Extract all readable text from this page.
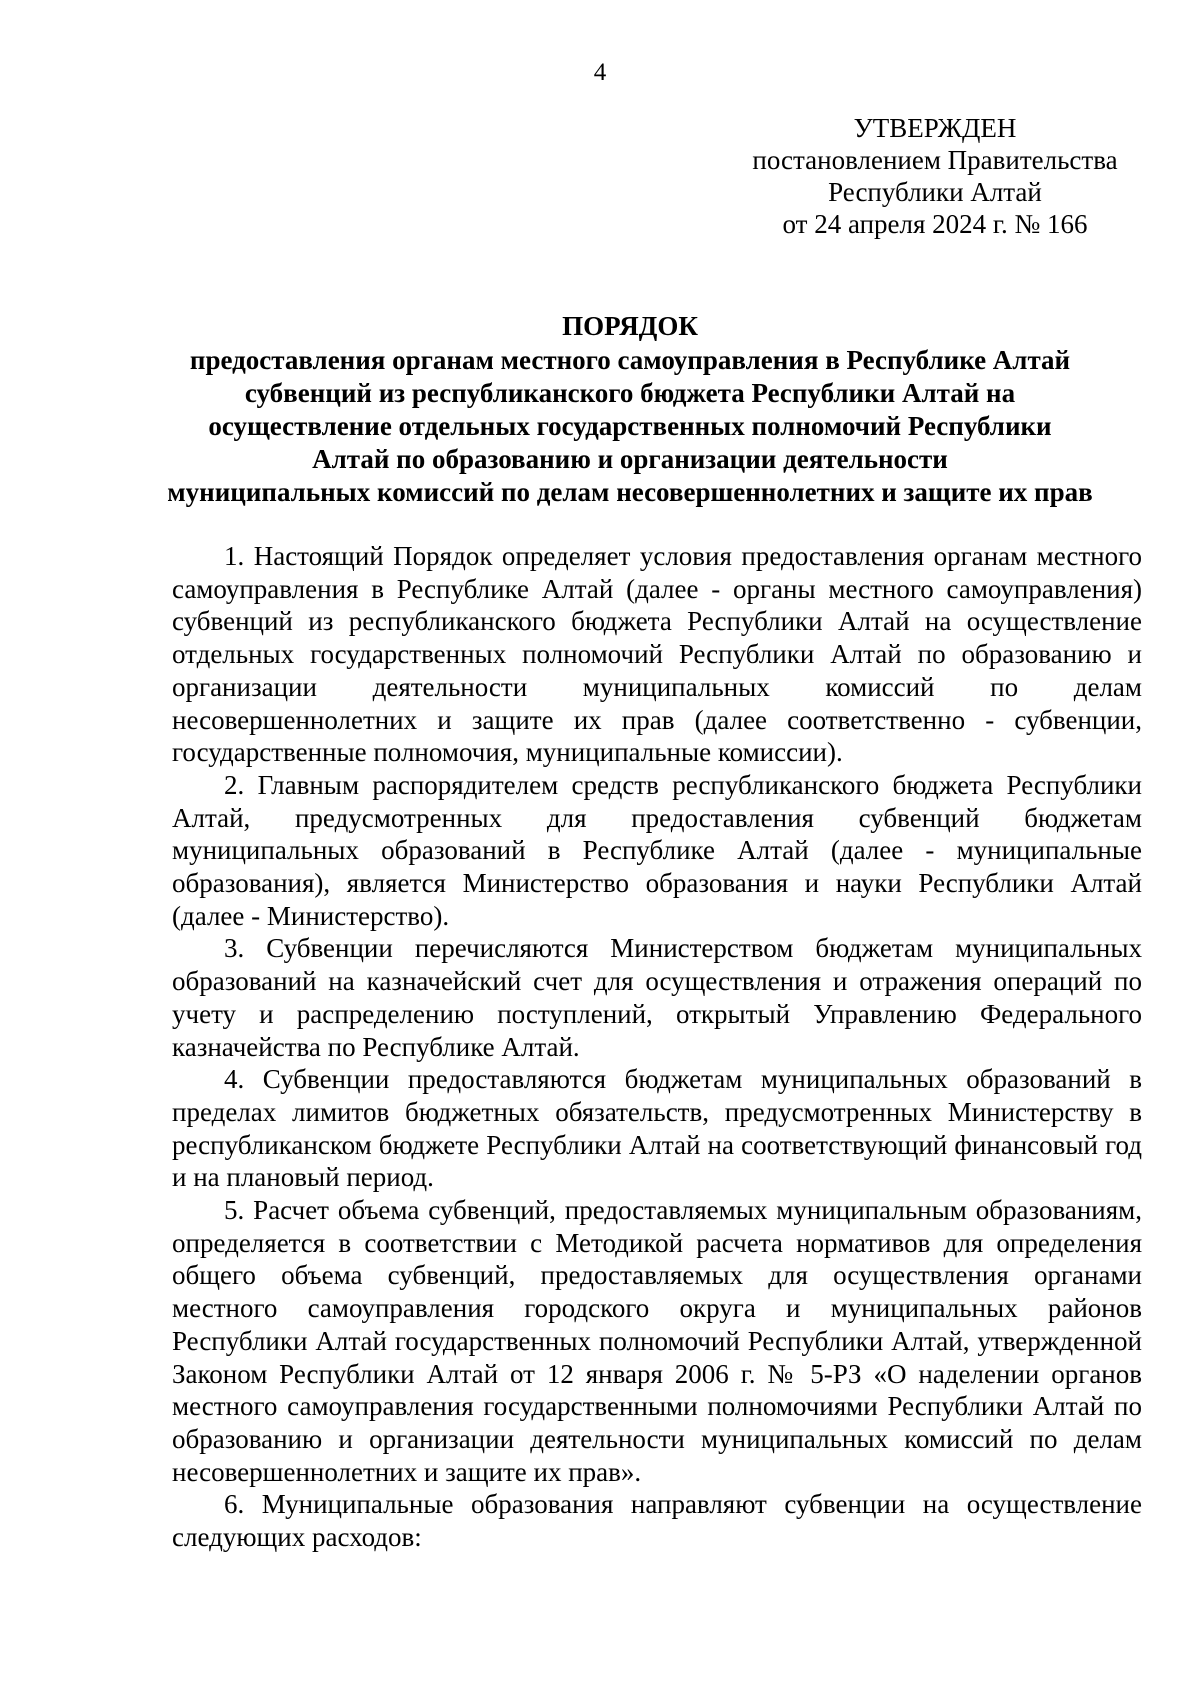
4
УТВЕРЖДЕН
постановлением Правительства
Республики Алтай
от 24 апреля 2024 г. № 166
ПОРЯДОК
предоставления органам местного самоуправления в Республике Алтай
субвенций из республиканского бюджета Республики Алтай на
осуществление отдельных государственных полномочий Республики
Алтай по образованию и организации деятельности
муниципальных комиссий по делам несовершеннолетних и защите их прав

1. Настоящий Порядок определяет условия предоставления органам местного самоуправления в Республике Алтай (далее - органы местного самоуправления) субвенций из республиканского бюджета Республики Алтай на осуществление отдельных государственных полномочий Республики Алтай по образованию и организации деятельности муниципальных комиссий по делам несовершеннолетних и защите их прав (далее соответственно - субвенции, государственные полномочия, муниципальные комиссии).

2. Главным распорядителем средств республиканского бюджета Республики Алтай, предусмотренных для предоставления субвенций бюджетам муниципальных образований в Республике Алтай (далее - муниципальные образования), является Министерство образования и науки Республики Алтай (далее - Министерство).

3. Субвенции перечисляются Министерством бюджетам муниципальных образований на казначейский счет для осуществления и отражения операций по учету и распределению поступлений, открытый Управлению Федерального казначейства по Республике Алтай.

4. Субвенции предоставляются бюджетам муниципальных образований в пределах лимитов бюджетных обязательств, предусмотренных Министерству в республиканском бюджете Республики Алтай на соответствующий финансовый год и на плановый период.

5. Расчет объема субвенций, предоставляемых муниципальным образованиям, определяется в соответствии с Методикой расчета нормативов для определения общего объема субвенций, предоставляемых для осуществления органами местного самоуправления городского округа и муниципальных районов Республики Алтай государственных полномочий Республики Алтай, утвержденной Законом Республики Алтай от 12 января 2006 г. № 5-РЗ «О наделении органов местного самоуправления государственными полномочиями Республики Алтай по образованию и организации деятельности муниципальных комиссий по делам несовершеннолетних и защите их прав».

6. Муниципальные образования направляют субвенции на осуществление следующих расходов:
